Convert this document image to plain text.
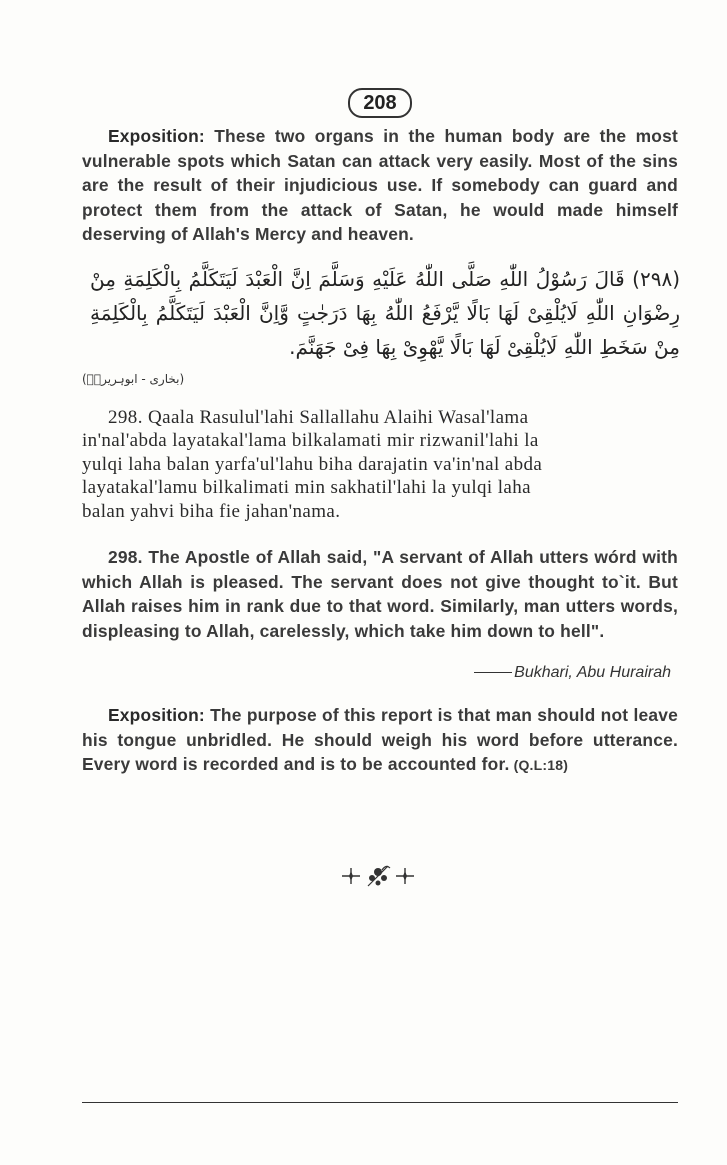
208
Exposition: These two organs in the human body are the most vulnerable spots which Satan can attack very easily. Most of the sins are the result of their injudicious use. If somebody can guard and protect them from the attack of Satan, he would made himself deserving of Allah's Mercy and heaven.
(٢٩٨) قَالَ رَسُوْلُ اللّٰهِ صَلَّى اللّٰهُ عَلَيْهِ وَسَلَّمَ اِنَّ الْعَبْدَ لَيَتَكَلَّمُ بِالْكَلِمَةِ مِنْ رِضْوَانِ اللّٰهِ لَايُلْقِىْ لَهَا بَالًا يَّرْفَعُ اللّٰهُ بِهَا دَرَجٰتٍ وَّاِنَّ الْعَبْدَ لَيَتَكَلَّمُ بِالْكَلِمَةِ مِنْ سَخَطِ اللّٰهِ لَايُلْقِىْ لَهَا بَالًا يَّهْوِىْ بِهَا فِىْ جَهَنَّمَ.
(بخاری - ابوہریرہؓ)

298. Qaala Rasulul'lahi Sallallahu Alaihi Wasal'lama

in'nal'abda layatakal'lama bilkalamati mir rizwanil'lahi la

yulqi laha balan yarfa'ul'lahu biha darajatin va'in'nal abda

layatakal'lamu bilkalimati min sakhatil'lahi la yulqi laha

balan yahvi biha fie jahan'nama.

298. The Apostle of Allah said, "A servant of Allah utters wórd with which Allah is pleased. The servant does not give thought to`it. But Allah raises him in rank due to that word. Similarly, man utters words, displeasing to Allah, carelessly, which take him down to hell".
Bukhari, Abu Hurairah
Exposition: The purpose of this report is that man should not leave his tongue unbridled. He should weigh his word before utterance. Every word is recorded and is to be accounted for. (Q.L:18)
